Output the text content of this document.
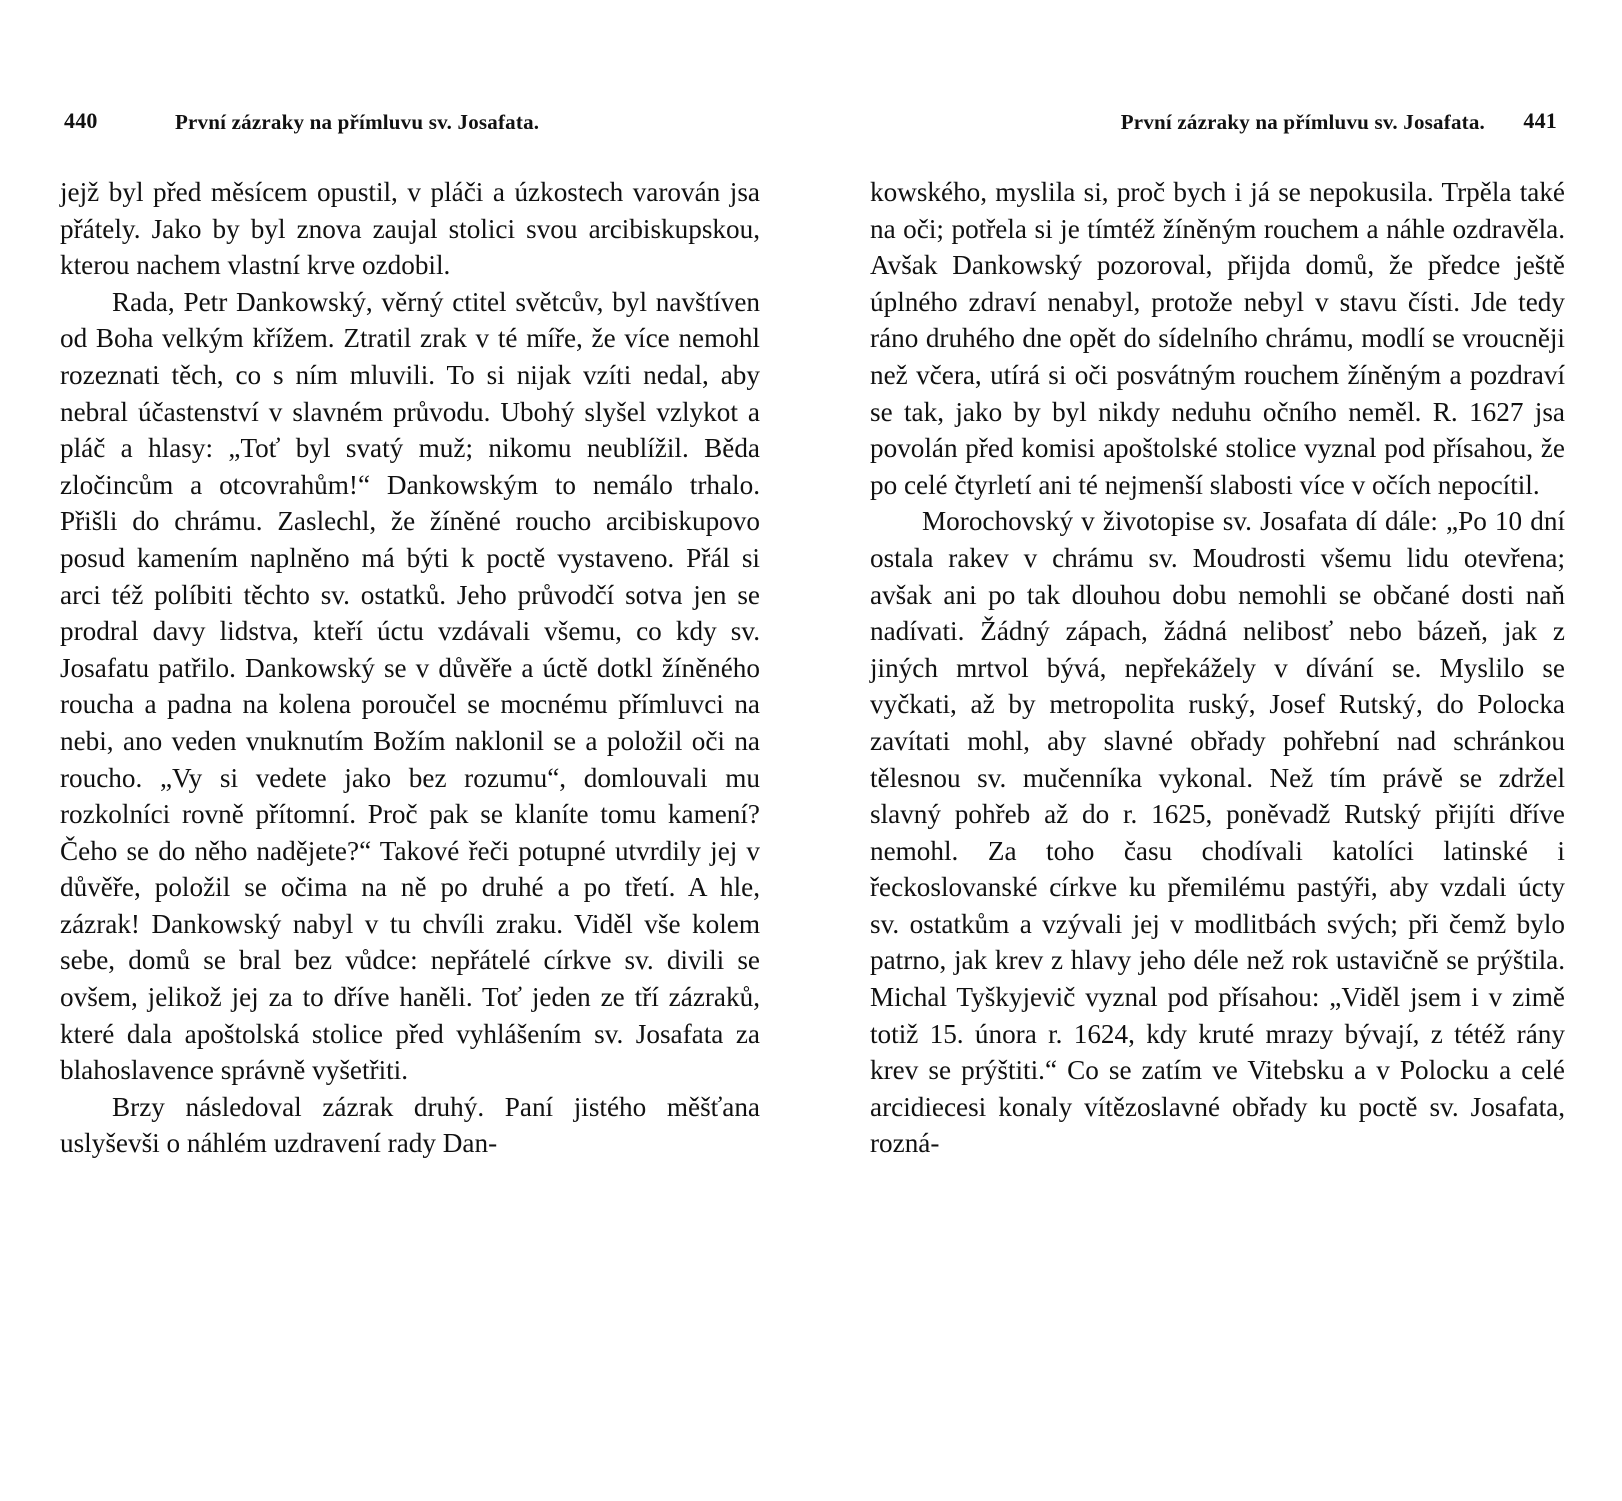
440	První zázraky na přímluvu sv. Josafata.

jejž byl před měsícem opustil, v pláči a úzkostech varován jsa přátely. Jako by byl znova zaujal stolici svou arcibiskupskou, kterou nachem vlastní krve ozdobil.

Rada, Petr Dankowský, věrný ctitel světcův, byl navštíven od Boha velkým křížem. Ztratil zrak v té míře, že více nemohl rozeznati těch, co s ním mluvili. To si nijak vzíti nedal, aby nebral účastenství v slavném průvodu. Ubohý slyšel vzlykot a pláč a hlasy: „Toť byl svatý muž; nikomu neublížil. Běda zločincům a otcovrahům!“ Dankowským to nemálo trhalo. Přišli do chrámu. Zaslechl, že žíněné roucho arcibiskupovo posud kamením naplněno má býti k poctě vystaveno. Přál si arci též políbiti těchto sv. ostatků. Jeho průvodčí sotva jen se prodral davy lidstva, kteří úctu vzdávali všemu, co kdy sv. Josafatu patřilo. Dankowský se v důvěře a úctě dotkl žíněného roucha a padna na kolena poroučel se mocnému přímluvci na nebi, ano veden vnuknutím Božím naklonil se a položil oči na roucho. „Vy si vedete jako bez rozumu“, domlouvali mu rozkolníci rovně přítomní. Proč pak se klaníte tomu kamení? Čeho se do něho nadějete?“ Takové řeči potupné utvrdily jej v důvěře, položil se očima na ně po druhé a po třetí. A hle, zázrak! Dankowský nabyl v tu chvíli zraku. Viděl vše kolem sebe, domů se bral bez vůdce: nepřátelé církve sv. divili se ovšem, jelikož jej za to dříve haněli. Toť jeden ze tří zázraků, které dala apoštolská stolice před vyhlášením sv. Josafata za blahoslavence správně vyšetřiti.

Brzy následoval zázrak druhý. Paní jistého měšťana uslyševši o náhlém uzdravení rady Dan-

První zázraky na přímluvu sv. Josafata. 441

kowského, myslila si, proč bych i já se nepokusila. Trpěla také na oči; potřela si je tímtéž žíněným rouchem a náhle ozdravěla. Avšak Dankowský pozoroval, přijda domů, že předce ještě úplného zdraví nenabyl, protože nebyl v stavu čísti. Jde tedy ráno druhého dne opět do sídelního chrámu, modlí se vroucněji než včera, utírá si oči posvátným rouchem žíněným a pozdraví se tak, jako by byl nikdy neduhu očního neměl. R. 1627 jsa povolán před komisi apoštolské stolice vyznal pod přísahou, že po celé čtyrletí ani té nejmenší slabosti více v očích nepocítil.

Morochovský v životopise sv. Josafata dí dále: „Po 10 dní ostala rakev v chrámu sv. Moudrosti všemu lidu otevřena; avšak ani po tak dlouhou dobu nemohli se občané dosti naň nadívati. Žádný zápach, žádná nelibosť nebo bázeň, jak z jiných mrtvol bývá, nepřekážely v dívání se. Myslilo se vyčkati, až by metropolita ruský, Josef Rutský, do Polocka zavítati mohl, aby slavné obřady pohřební nad schránkou tělesnou sv. mučenníka vykonal. Než tím právě se zdržel slavný pohřeb až do r. 1625, poněvadž Rutský přijíti dříve nemohl. Za toho času chodívali katolíci latinské i řeckoslovanské církve ku přemilému pastýři, aby vzdali úcty sv. ostatkům a vzývali jej v modlitbách svých; při čemž bylo patrno, jak krev z hlavy jeho déle než rok ustavičně se prýštila. Michal Tyškyjevič vyznal pod přísahou: „Viděl jsem i v zimě totiž 15. února r. 1624, kdy kruté mrazy bývají, z tétéž rány krev se prýštiti.“ Co se zatím ve Vitebsku a v Polocku a celé arcidiecesi konaly vítězoslavné obřady ku poctě sv. Josafata, rozná-
